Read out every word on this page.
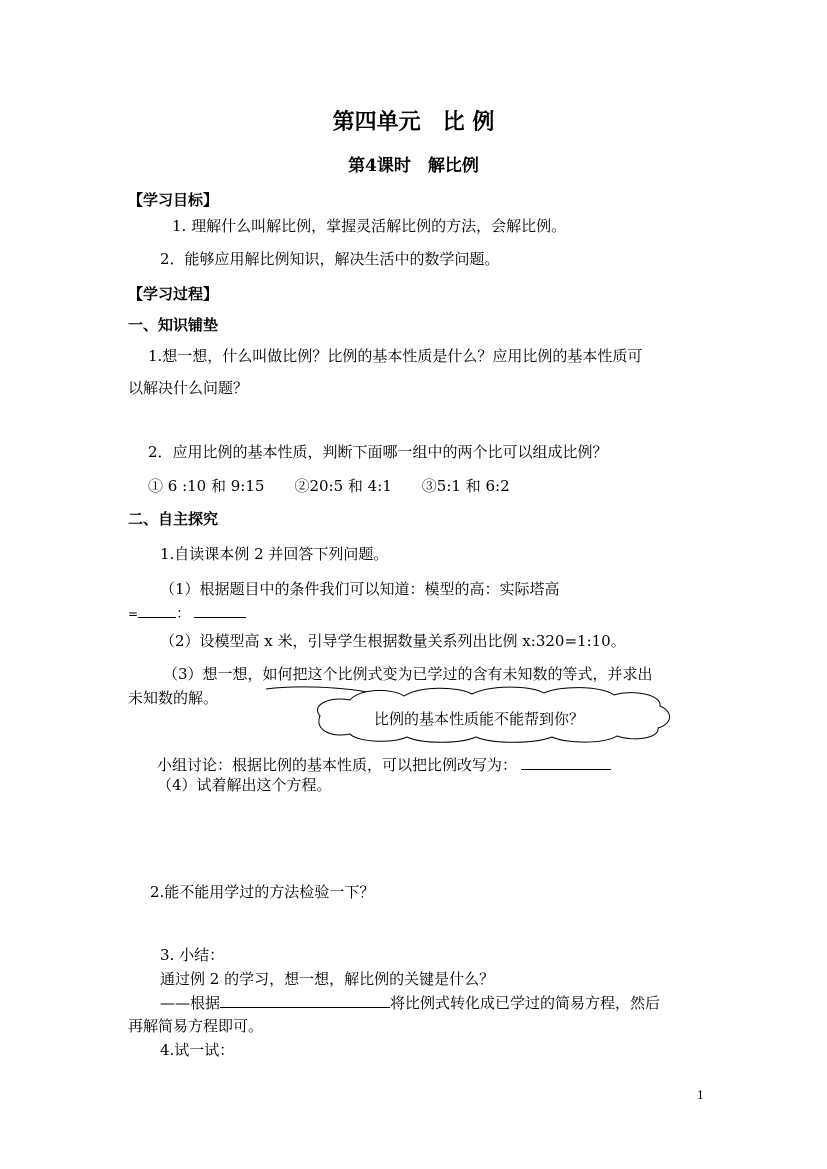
第四单元　比 例
第4课时　解比例
【学习目标】
1. 理解什么叫解比例，掌握灵活解比例的方法，会解比例。
2．能够应用解比例知识，解决生活中的数学问题。
【学习过程】
一、知识铺垫
1.想一想，什么叫做比例？比例的基本性质是什么？应用比例的基本性质可
以解决什么问题？
2．应用比例的基本性质，判断下面哪一组中的两个比可以组成比例？
① 6 :10 和 9:15　　②20:5 和 4:1　　③5:1 和 6:2
二、自主探究
1.自读课本例 2 并回答下列问题。
（1）根据题目中的条件我们可以知道：模型的高：实际塔高
=	：
（2）设模型高 x 米，引导学生根据数量关系列出比例 x:320=1:10。
（3）想一想，如何把这个比例式变为已学过的含有未知数的等式，并求出
未知数的解。
比例的基本性质能不能帮到你？
小组讨论：根据比例的基本性质，可以把比例改写为：
（4）试着解出这个方程。
2.能不能用学过的方法检验一下？
3. 小结：
通过例 2 的学习，想一想，解比例的关键是什么？
——根据	将比例式转化成已学过的简易方程，然后
再解简易方程即可。
4.试一试：
1
